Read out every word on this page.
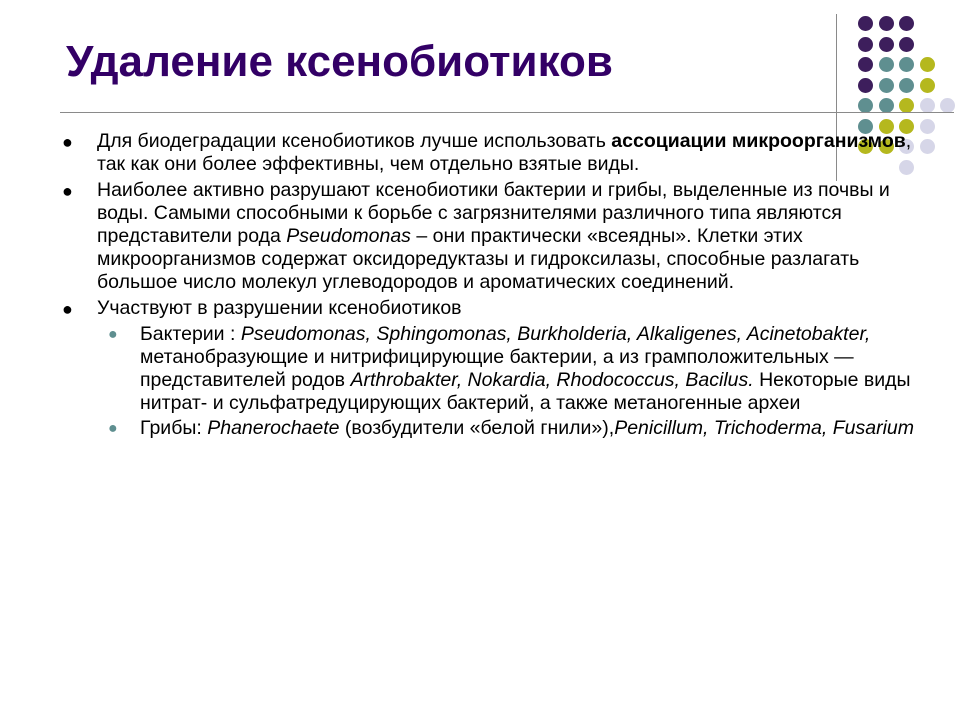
Удаление ксенобиотиков
● Для биодеградации ксенобиотиков лучше использовать ассоциации микроорганизмов, так как они более эффективны, чем отдельно взятые виды.
● Наиболее активно разрушают ксенобиотики бактерии и грибы, выделенные из почвы и воды. Самыми способными к борьбе с загрязнителями различного типа являются представители рода Pseudomonas – они практически «всеядны». Клетки этих микроорганизмов содержат оксидоредуктазы и гидроксилазы, способные разлагать большое число молекул углеводородов и ароматических соединений.
● Участвуют в разрушении ксенобиотиков
● Бактерии : Pseudomonas, Sphingomonas, Burkholderia, Alkaligenes, Acinetobakter, метанобразующие и нитрифицирующие бактерии, а из грамположительных — представителей родов Arthrobakter, Nokardia, Rhodococcus, Bacilus. Некоторые виды нитрат- и сульфатредуцирующих бактерий, а также метаногенные археи
● Грибы: Phanerochaete (возбудители «белой гнили»),Penicillum, Trichoderma, Fusarium
